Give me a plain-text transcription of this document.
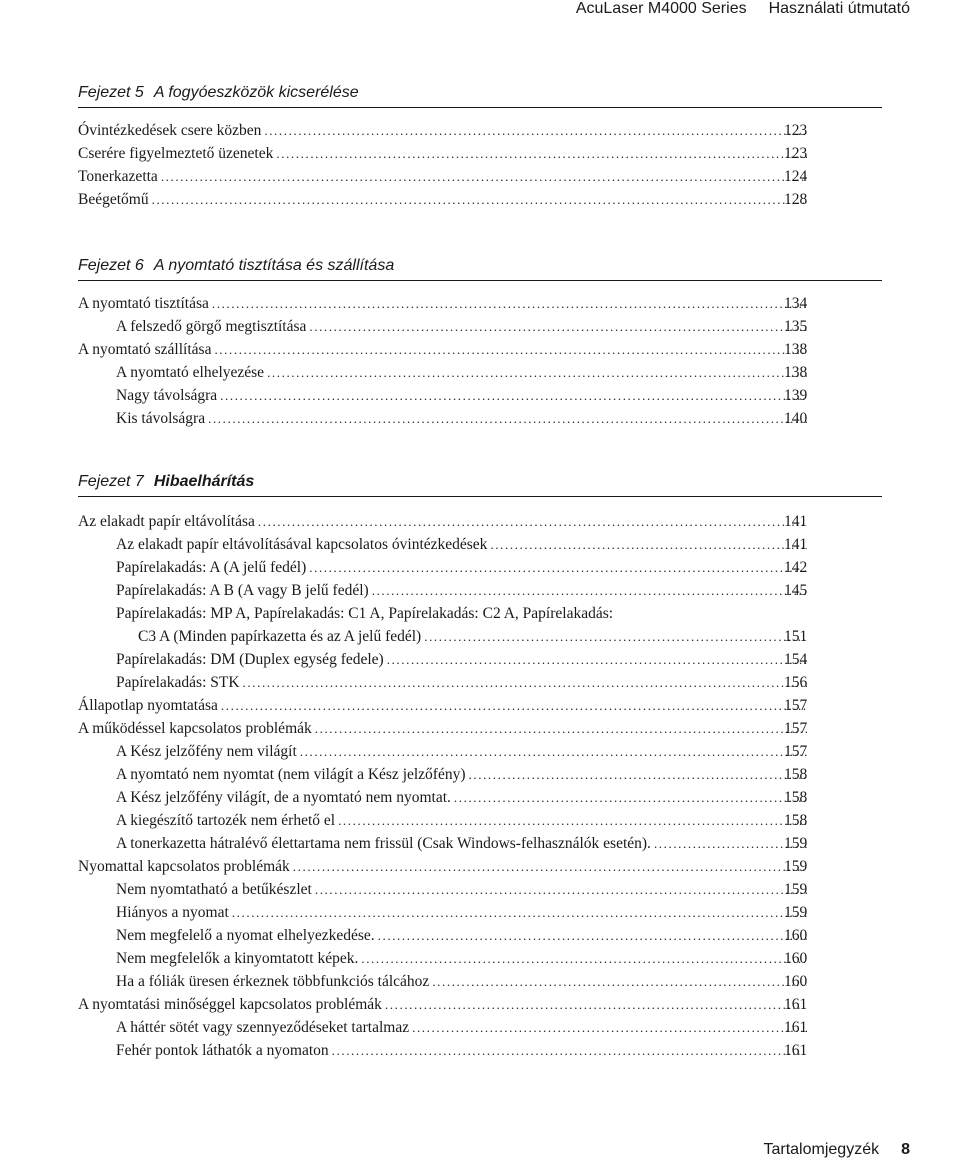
AcuLaser M4000 Series Használati útmutató
Fejezet 5 A fogyóeszközök kicserélése
Óvintézkedések csere közben .....	123
Cserére figyelmeztető üzenetek .....	123
Tonerkazetta .....	124
Beégetőmű .....	128
Fejezet 6 A nyomtató tisztítása és szállítása
A nyomtató tisztítása .....	134
A felszedő görgő megtisztítása .....	135
A nyomtató szállítása .....	138
A nyomtató elhelyezése .....	138
Nagy távolságra .....	139
Kis távolságra .....	140
Fejezet 7 Hibaelhárítás
Az elakadt papír eltávolítása .....	141
Az elakadt papír eltávolításával kapcsolatos óvintézkedések .....	141
Papírelakadás: A (A jelű fedél) .....	142
Papírelakadás: A B (A vagy B jelű fedél) .....	145
Papírelakadás: MP A, Papírelakadás: C1 A, Papírelakadás: C2 A, Papírelakadás:
C3 A (Minden papírkazetta és az A jelű fedél) .....	151
Papírelakadás: DM (Duplex egység fedele) .....	154
Papírelakadás: STK .....	156
Állapotlap nyomtatása .....	157
A működéssel kapcsolatos problémák .....	157
A Kész jelzőfény nem világít .....	157
A nyomtató nem nyomtat (nem világít a Kész jelzőfény) .....	158
A Kész jelzőfény világít, de a nyomtató nem nyomtat. .....	158
A kiegészítő tartozék nem érhető el .....	158
A tonerkazetta hátralévő élettartama nem frissül (Csak Windows-felhasználók esetén). .....	159
Nyomattal kapcsolatos problémák .....	159
Nem nyomtatható a betűkészlet .....	159
Hiányos a nyomat .....	159
Nem megfelelő a nyomat elhelyezkedése. .....	160
Nem megfelelők a kinyomtatott képek. .....	160
Ha a fóliák üresen érkeznek többfunkciós tálcához .....	160
A nyomtatási minőséggel kapcsolatos problémák .....	161
A háttér sötét vagy szennyeződéseket tartalmaz .....	161
Fehér pontok láthatók a nyomaton .....	161
Tartalomjegyzék 8
